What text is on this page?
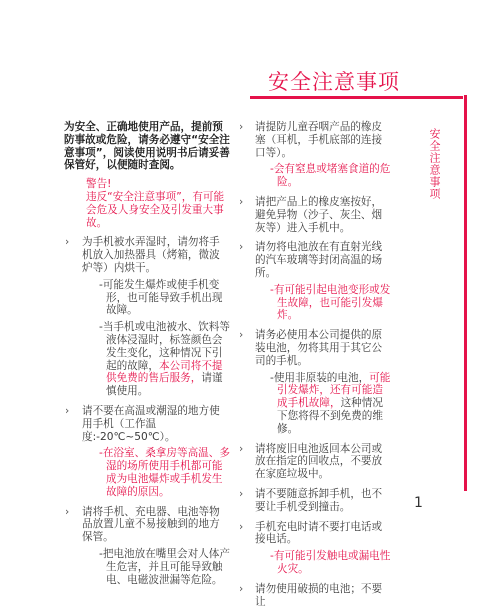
安全注意事项
安全注意事项
1
为安全、正确地使用产品，提前预防事故或危险，请务必遵守“安全注意事项”，阅读使用说明书后请妥善保管好，以便随时查阅。
警告!
违反“安全注意事项”，有可能会危及人身安全及引发重大事故。
› 为手机被水弄湿时，请勿将手机放入加热器具（烤箱，微波炉等）内烘干。
-可能发生爆炸或使手机变形，也可能导致手机出现故障。
-当手机或电池被水、饮料等液体浸湿时，标签颜色会发生变化，这种情况下引起的故障，本公司将不提供免费的售后服务，请谨慎使用。
› 请不要在高温或潮湿的地方使用手机（工作温度:-20℃~50℃）。
-在浴室、桑拿房等高温、多湿的场所使用手机都可能成为电池爆炸或手机发生故障的原因。
› 请将手机、充电器、电池等物品放置儿童不易接触到的地方保管。
-把电池放在嘴里会对人体产生危害，并且可能导致触电、电磁波泄漏等危险。
› 请提防儿童吞咽产品的橡皮塞（耳机，手机底部的连接口等）。
-会有窒息或堵塞食道的危险。
› 请把产品上的橡皮塞按好，避免异物（沙子、灰尘、烟灰等）进入手机中。
› 请勿将电池放在有直射光线的汽车玻璃等封闭高温的场所。
-有可能引起电池变形或发生故障，也可能引发爆炸。
› 请务必使用本公司提供的原装电池，勿将其用于其它公司的手机。
-使用非原装的电池，可能引发爆炸，还有可能造成手机故障，这种情况下您将得不到免费的维修。
› 请将废旧电池返回本公司或放在指定的回收点，不要放在家庭垃圾中。
› 请不要随意拆卸手机，也不要让手机受到撞击。
› 手机充电时请不要打电话或接电话。
-有可能引发触电或漏电性火灾。
› 请勿使用破损的电池；不要让
